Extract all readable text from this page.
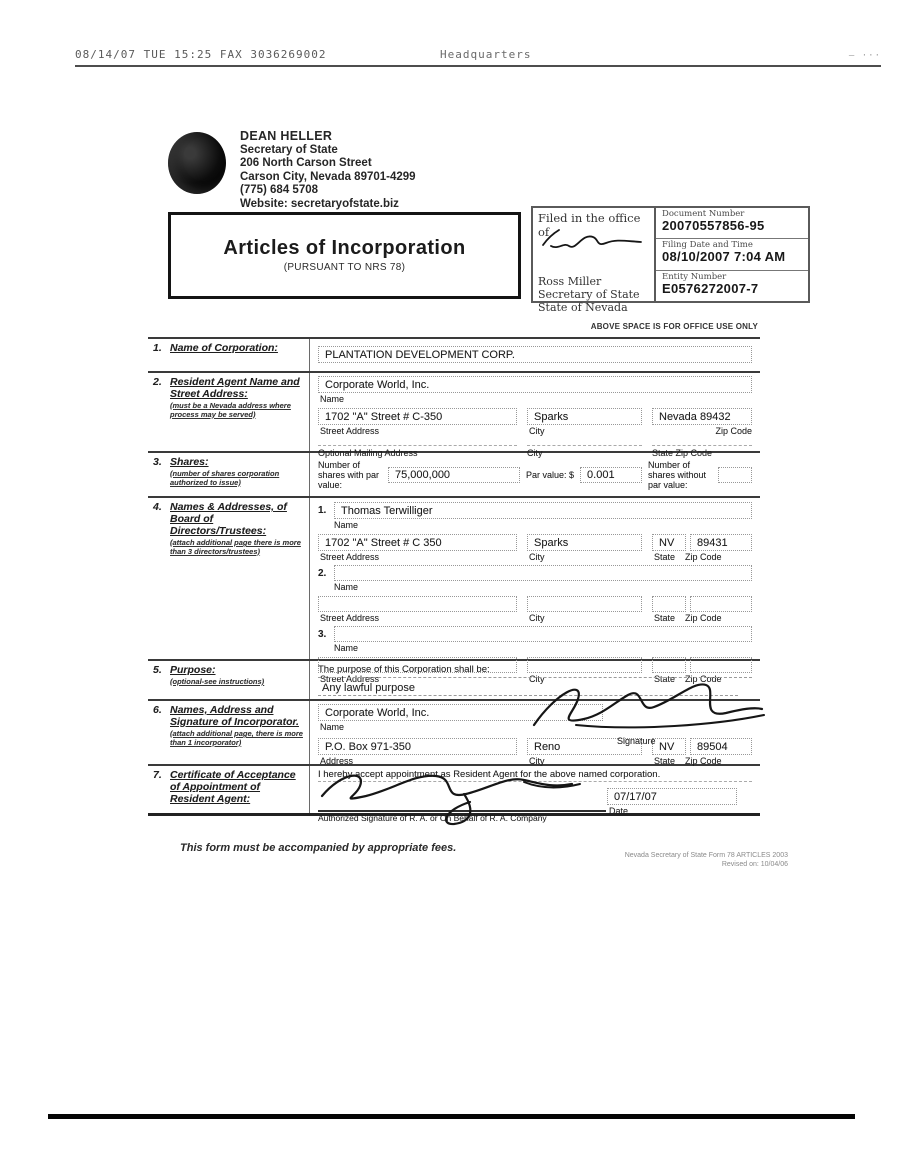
08/14/07 TUE 15:25 FAX 3036269002	Headquarters	— ···
DEAN HELLER
Secretary of State
206 North Carson Street
Carson City, Nevada 89701-4299
(775) 684 5708
Website: secretaryofstate.biz
Articles of Incorporation
(PURSUANT TO NRS 78)
Filed in the office of
Ross Miller
Secretary of State
State of Nevada
Document Number
20070557856-95
Filing Date and Time
08/10/2007 7:04 AM
Entity Number
E0576272007-7
ABOVE SPACE IS FOR OFFICE USE ONLY
1. Name of Corporation:
PLANTATION DEVELOPMENT CORP.
2. Resident Agent Name and Street Address:
(must be a Nevada address where process may be served)
Corporate World, Inc.
Name
1702 "A" Street # C-350
Street Address
Sparks
City
Nevada 89432
Zip Code
Optional Mailing Address	City	State Zip Code
3. Shares:
(number of shares corporation authorized to issue)
Number of shares with par value:
75,000,000	Par value: $	0.001
Number of shares without par value:
4. Names & Addresses, of Board of Directors/Trustees:
(attach additional page there is more than 3 directors/trustees)
1.	Thomas Terwilliger
Name
1702 "A" Street # C 350
Street Address
Sparks
City
NV	89431
State Zip Code
2.
Name
Street Address	City	State Zip Code
3.
Name
Street Address	City	State Zip Code
5. Purpose:
(optional-see instructions)
The purpose of this Corporation shall be:
Any lawful purpose
6. Names, Address and Signature of Incorporator.
(attach additional page, there is more than 1 incorporator)
Corporate World, Inc.
Name
Signature
P.O. Box 971-350
Address
Reno
City
NV	89504
State Zip Code
7. Certificate of Acceptance of Appointment of Resident Agent:
I hereby accept appointment as Resident Agent for the above named corporation.
Authorized Signature of R. A. or On Behalf of R. A. Company
07/17/07
Date
This form must be accompanied by appropriate fees.
Nevada Secretary of State Form 78 ARTICLES 2003
Revised on: 10/04/06
